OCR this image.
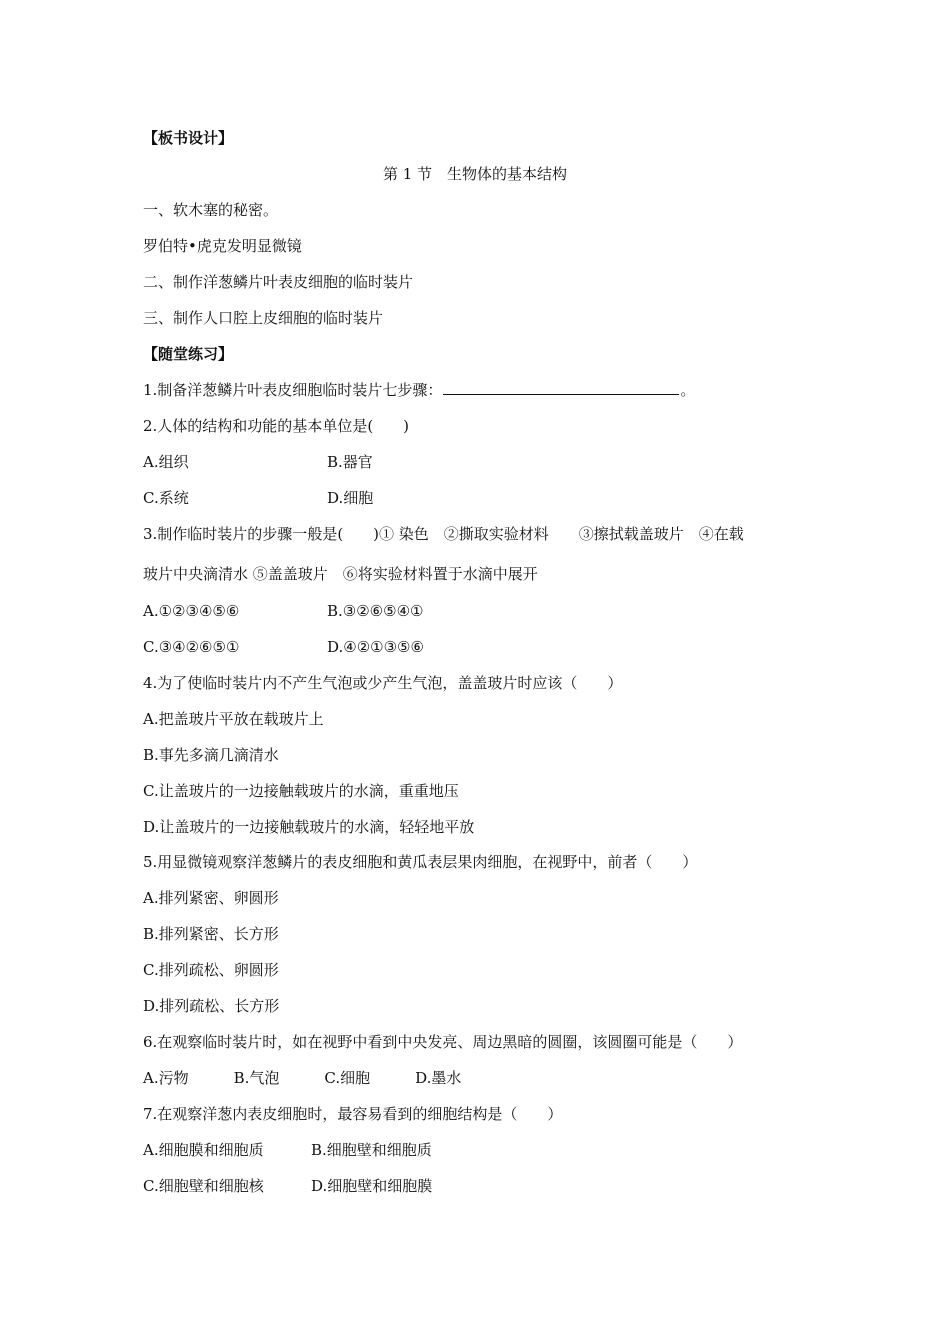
【板书设计】
第 1 节　生物体的基本结构
一、软木塞的秘密。
罗伯特•虎克发明显微镜
二、制作洋葱鳞片叶表皮细胞的临时装片
三、制作人口腔上皮细胞的临时装片
【随堂练习】
1.制备洋葱鳞片叶表皮细胞临时装片七步骤：	。
2.人体的结构和功能的基本单位是(　　)
A.组织	B.器官
C.系统	D.细胞
3.制作临时装片的步骤一般是(　　)① 染色　②撕取实验材料　　③擦拭载盖玻片　④在载
玻片中央滴清水 ⑤盖盖玻片　⑥将实验材料置于水滴中展开
A.①②③④⑤⑥	B.③②⑥⑤④①
C.③④②⑥⑤①	D.④②①③⑤⑥
4.为了使临时装片内不产生气泡或少产生气泡，盖盖玻片时应该（　　）
A.把盖玻片平放在载玻片上
B.事先多滴几滴清水
C.让盖玻片的一边接触载玻片的水滴，重重地压
D.让盖玻片的一边接触载玻片的水滴，轻轻地平放
5.用显微镜观察洋葱鳞片的表皮细胞和黄瓜表层果肉细胞，在视野中，前者（　　）
A.排列紧密、卵圆形
B.排列紧密、长方形
C.排列疏松、卵圆形
D.排列疏松、长方形
6.在观察临时装片时，如在视野中看到中央发亮、周边黑暗的圆圈，该圆圈可能是（　　）
A.污物　　　B.气泡　　　C.细胞　　　D.墨水
7.在观察洋葱内表皮细胞时，最容易看到的细胞结构是（　　）
A.细胞膜和细胞质	B.细胞壁和细胞质
C.细胞壁和细胞核	D.细胞壁和细胞膜
